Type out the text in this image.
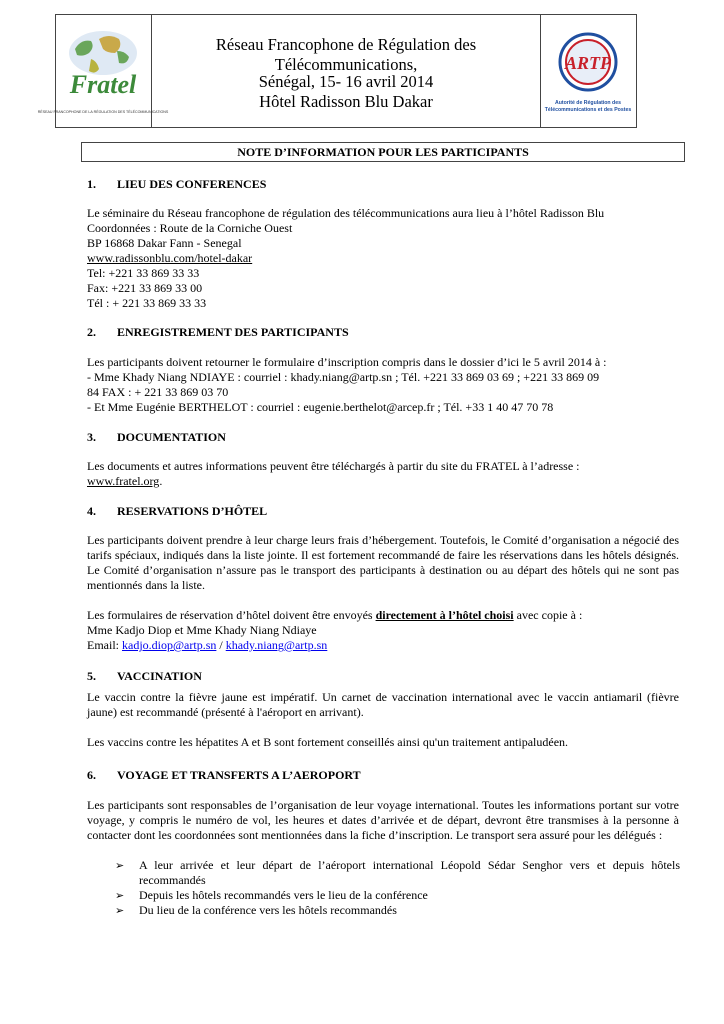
Fratel
RÉSEAU FRANCOPHONE DE LA RÉGULATION DES TÉLÉCOMMUNICATIONS
Réseau Francophone de Régulation des Télécommunications,
Sénégal, 15- 16 avril 2014
Hôtel Radisson Blu Dakar
ARTP
Autorité de Régulation des
Télécommunications et des Postes
NOTE D’INFORMATION POUR LES PARTICIPANTS
1.	LIEU DES CONFERENCES
Le séminaire du Réseau francophone de régulation des télécommunications aura lieu à l’hôtel Radisson Blu
Coordonnées : Route de la Corniche Ouest
BP 16868 Dakar Fann - Senegal
www.radissonblu.com/hotel-dakar
Tel: +221 33 869 33 33
Fax: +221 33 869 33 00
Tél : + 221 33 869 33 33
2.	ENREGISTREMENT DES PARTICIPANTS
Les participants doivent retourner le formulaire d’inscription compris dans le dossier d’ici le 5 avril 2014 à :
- Mme Khady Niang NDIAYE : courriel : khady.niang@artp.sn ; Tél. +221 33 869 03 69 ; +221 33 869 09
84 FAX : + 221 33 869 03 70
- Et Mme Eugénie BERTHELOT : courriel : eugenie.berthelot@arcep.fr ; Tél. +33 1 40 47 70 78
3.	DOCUMENTATION
Les documents et autres informations peuvent être téléchargés à partir du site du FRATEL à l’adresse :
www.fratel.org.
4.	RESERVATIONS D’HÔTEL
Les participants doivent prendre à leur charge leurs frais d’hébergement. Toutefois, le Comité d’organisation a négocié des tarifs spéciaux, indiqués dans la liste jointe. Il est fortement recommandé de faire les réservations dans les hôtels désignés. Le Comité d’organisation n’assure pas le transport des participants à destination ou au départ des hôtels qui ne sont pas mentionnés dans la liste.
Les formulaires de réservation d’hôtel doivent être envoyés directement à l’hôtel choisi avec copie à :
Mme Kadjo Diop et Mme Khady Niang Ndiaye
Email: kadjo.diop@artp.sn / khady.niang@artp.sn
5.	VACCINATION
Le vaccin contre la fièvre jaune est impératif. Un carnet de vaccination international avec le vaccin antiamaril (fièvre jaune) est recommandé (présenté à l'aéroport en arrivant).
Les vaccins contre les hépatites A et B sont fortement conseillés ainsi qu'un traitement antipaludéen.
6.	VOYAGE ET TRANSFERTS A L’AEROPORT
Les participants sont responsables de l’organisation de leur voyage international. Toutes les informations portant sur votre voyage, y compris le numéro de vol, les heures et dates d’arrivée et de départ, devront être transmises à la personne à contacter dont les coordonnées sont mentionnées dans la fiche d’inscription. Le transport sera assuré pour les délégués :
➢ A leur arrivée et leur départ de l’aéroport international Léopold Sédar Senghor vers et depuis hôtels recommandés
➢ Depuis les hôtels recommandés vers le lieu de la conférence
➢ Du lieu de la conférence vers les hôtels recommandés
